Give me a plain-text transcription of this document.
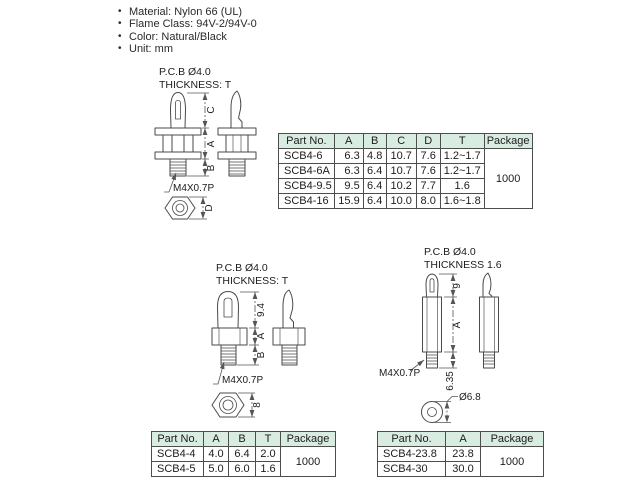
• Material: Nylon 66 (UL)
• Flame Class: 94V-2/94V-0
• Color: Natural/Black
• Unit: mm
P.C.B Ø4.0
THICKNESS: T
C
A
B
M4X0.7P
D
P.C.B Ø4.0
THICKNESS: T
9.4
A
B
M4X0.7P
8
P.C.B Ø4.0
THICKNESS 1.6
9
A
6.35
M4X0.7P
Ø6.8
Part No.	A	B	C	D	T	Package
SCB4-6	6.3	4.8	10.7	7.6	1.2~1.7	1000
SCB4-6A	6.3	6.4	10.7	7.6	1.2~1.7	
SCB4-9.5	9.5	6.4	10.2	7.7	1.6	
SCB4-16	15.9	6.4	10.0	8.0	1.6~1.8	
Part No.	A	B	T	Package
SCB4-4	4.0	6.4	2.0	1000
SCB4-5	5.0	6.0	1.6	
Part No.	A	Package
SCB4-23.8	23.8	1000
SCB4-30	30.0	
